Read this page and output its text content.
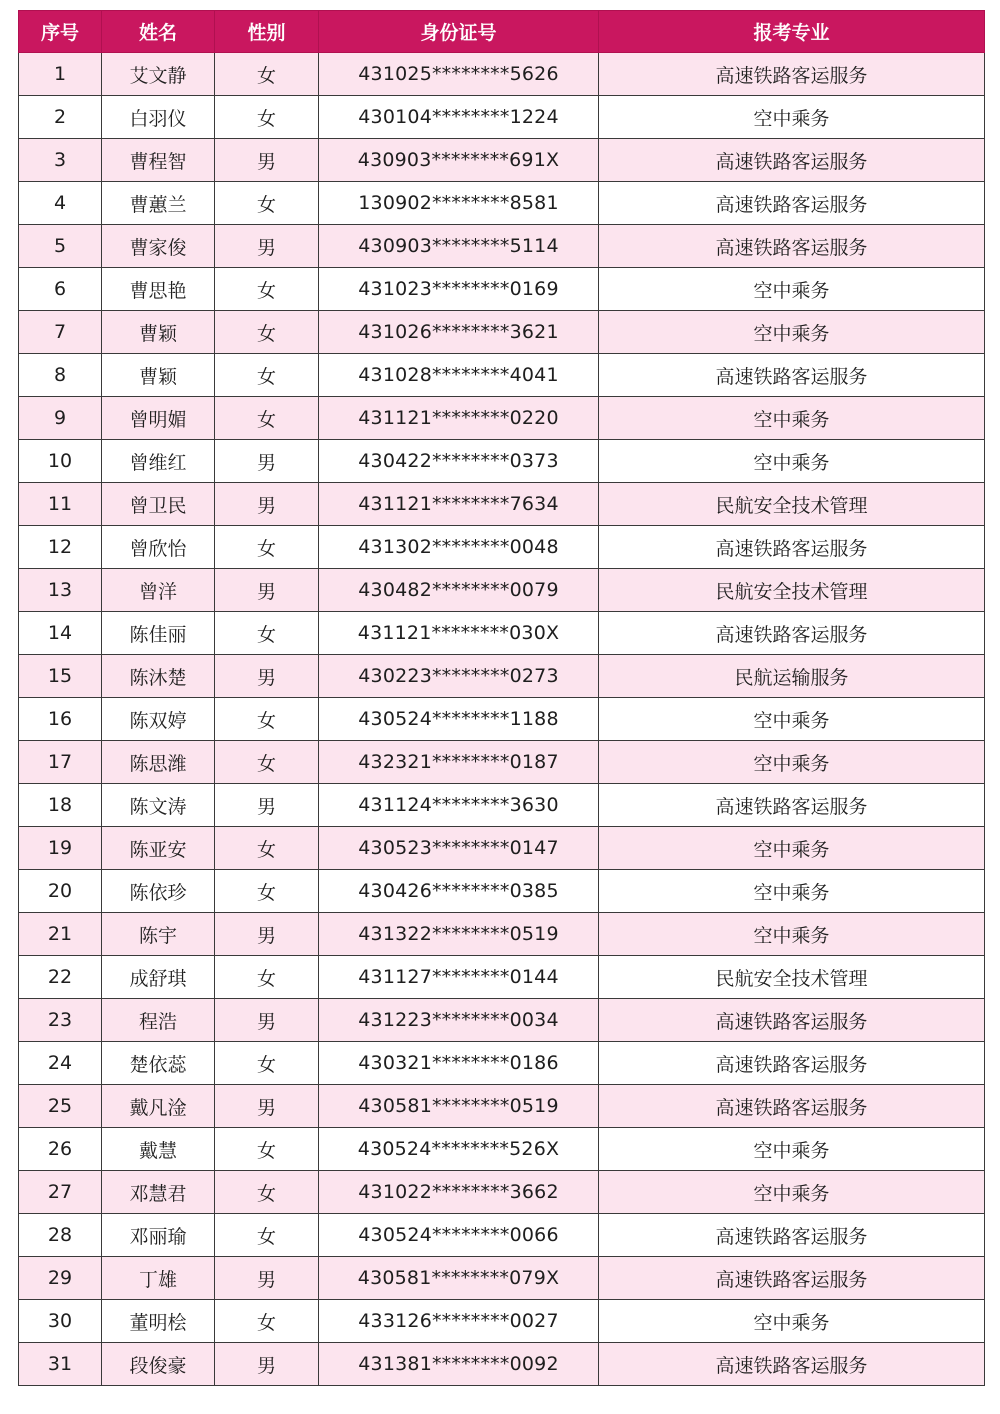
序号	姓名	性别	身份证号	报考专业
1	艾文静	女	431025********5626	高速铁路客运服务
2	白羽仪	女	430104********1224	空中乘务
3	曹程智	男	430903********691X	高速铁路客运服务
4	曹蕙兰	女	130902********8581	高速铁路客运服务
5	曹家俊	男	430903********5114	高速铁路客运服务
6	曹思艳	女	431023********0169	空中乘务
7	曹颖	女	431026********3621	空中乘务
8	曹颖	女	431028********4041	高速铁路客运服务
9	曾明媚	女	431121********0220	空中乘务
10	曾维红	男	430422********0373	空中乘务
11	曾卫民	男	431121********7634	民航安全技术管理
12	曾欣怡	女	431302********0048	高速铁路客运服务
13	曾洋	男	430482********0079	民航安全技术管理
14	陈佳丽	女	431121********030X	高速铁路客运服务
15	陈沐楚	男	430223********0273	民航运输服务
16	陈双婷	女	430524********1188	空中乘务
17	陈思潍	女	432321********0187	空中乘务
18	陈文涛	男	431124********3630	高速铁路客运服务
19	陈亚安	女	430523********0147	空中乘务
20	陈依珍	女	430426********0385	空中乘务
21	陈宇	男	431322********0519	空中乘务
22	成舒琪	女	431127********0144	民航安全技术管理
23	程浩	男	431223********0034	高速铁路客运服务
24	楚依蕊	女	430321********0186	高速铁路客运服务
25	戴凡淦	男	430581********0519	高速铁路客运服务
26	戴慧	女	430524********526X	空中乘务
27	邓慧君	女	431022********3662	空中乘务
28	邓丽瑜	女	430524********0066	高速铁路客运服务
29	丁雄	男	430581********079X	高速铁路客运服务
30	董明桧	女	433126********0027	空中乘务
31	段俊豪	男	431381********0092	高速铁路客运服务
